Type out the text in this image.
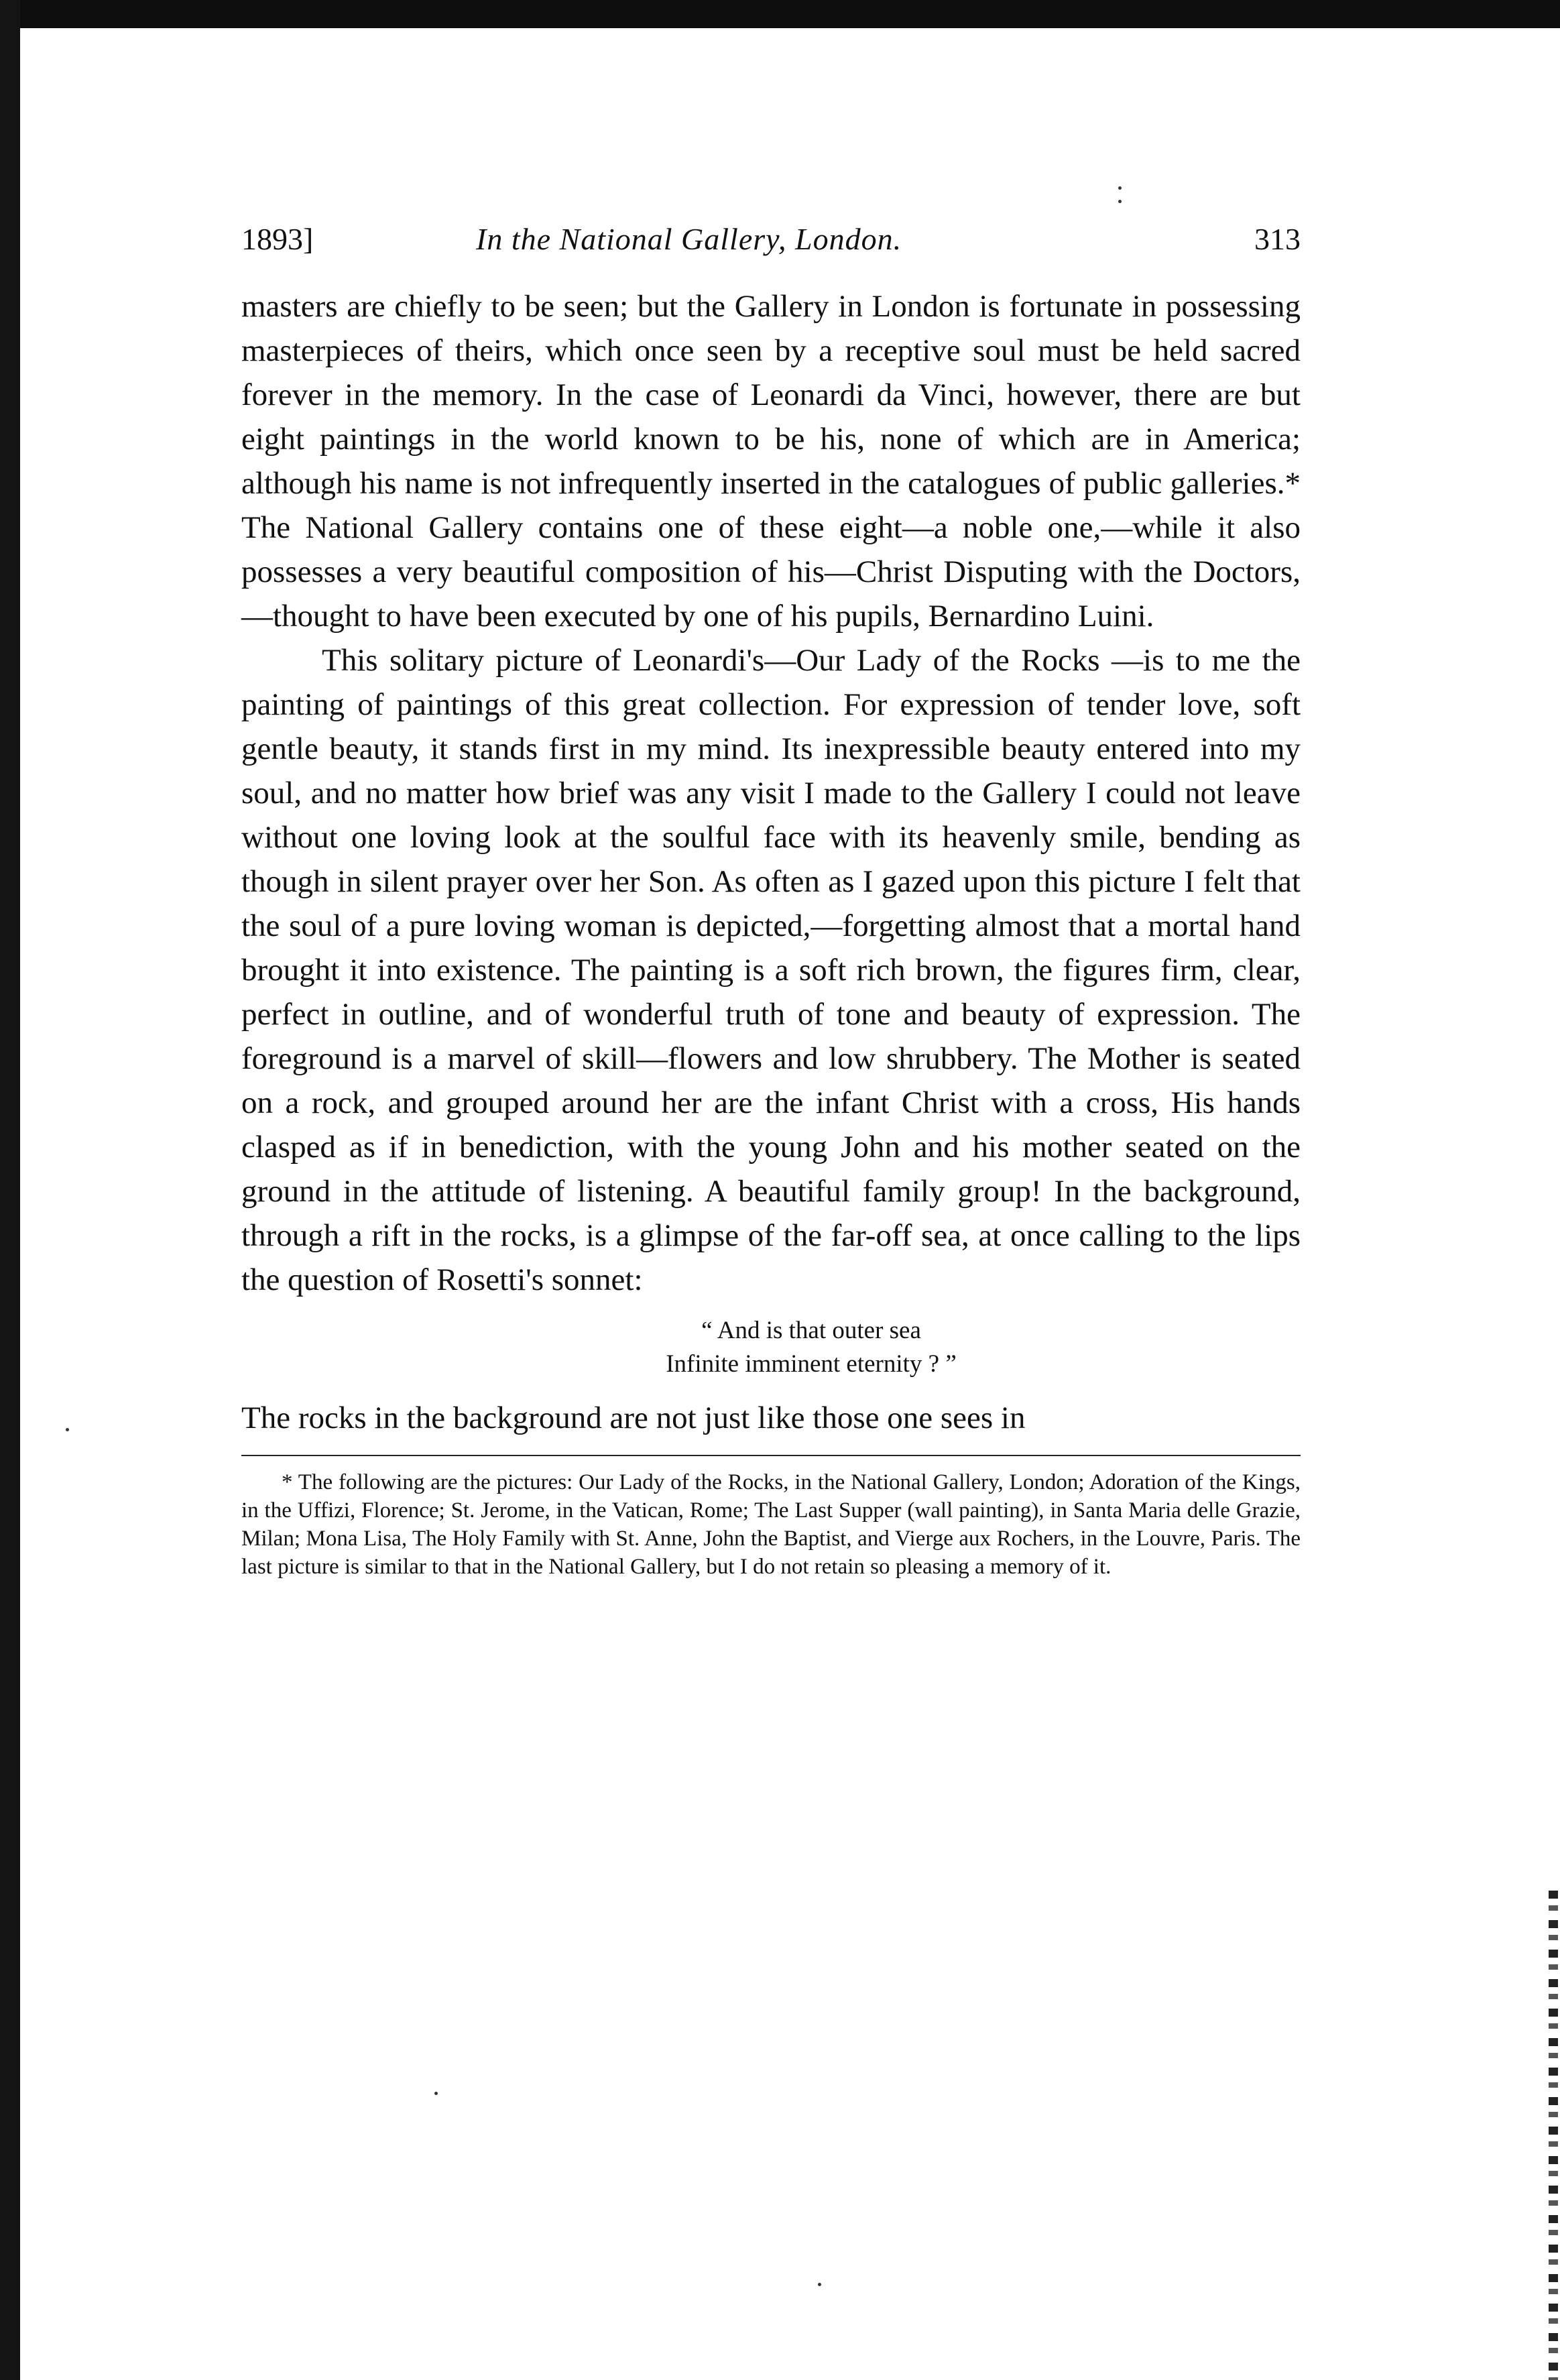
1893]	In the National Gallery, London.	313

masters are chiefly to be seen; but the Gallery in London is fortunate in possessing masterpieces of theirs, which once seen by a receptive soul must be held sacred forever in the memory. In the case of Leonardi da Vinci, however, there are but eight paintings in the world known to be his, none of which are in America; although his name is not infrequently inserted in the catalogues of public galleries.* The National Gallery contains one of these eight—a noble one,—while it also possesses a very beautiful composition of his—Christ Disputing with the Doctors, —thought to have been executed by one of his pupils, Bernardino Luini.

This solitary picture of Leonardi's—Our Lady of the Rocks —is to me the painting of paintings of this great collection. For expression of tender love, soft gentle beauty, it stands first in my mind. Its inexpressible beauty entered into my soul, and no matter how brief was any visit I made to the Gallery I could not leave without one loving look at the soulful face with its heavenly smile, bending as though in silent prayer over her Son. As often as I gazed upon this picture I felt that the soul of a pure loving woman is depicted,—forgetting almost that a mortal hand brought it into existence. The painting is a soft rich brown, the figures firm, clear, perfect in outline, and of wonderful truth of tone and beauty of expression. The foreground is a marvel of skill—flowers and low shrubbery. The Mother is seated on a rock, and grouped around her are the infant Christ with a cross, His hands clasped as if in benediction, with the young John and his mother seated on the ground in the attitude of listening. A beautiful family group! In the background, through a rift in the rocks, is a glimpse of the far-off sea, at once calling to the lips the question of Rosetti's sonnet:

“ And is that outer sea
Infinite imminent eternity ? ”

The rocks in the background are not just like those one sees in

* The following are the pictures: Our Lady of the Rocks, in the National Gallery, London; Adoration of the Kings, in the Uffizi, Florence; St. Jerome, in the Vatican, Rome; The Last Supper (wall painting), in Santa Maria delle Grazie, Milan; Mona Lisa, The Holy Family with St. Anne, John the Baptist, and Vierge aux Rochers, in the Louvre, Paris. The last picture is similar to that in the National Gallery, but I do not retain so pleasing a memory of it.
